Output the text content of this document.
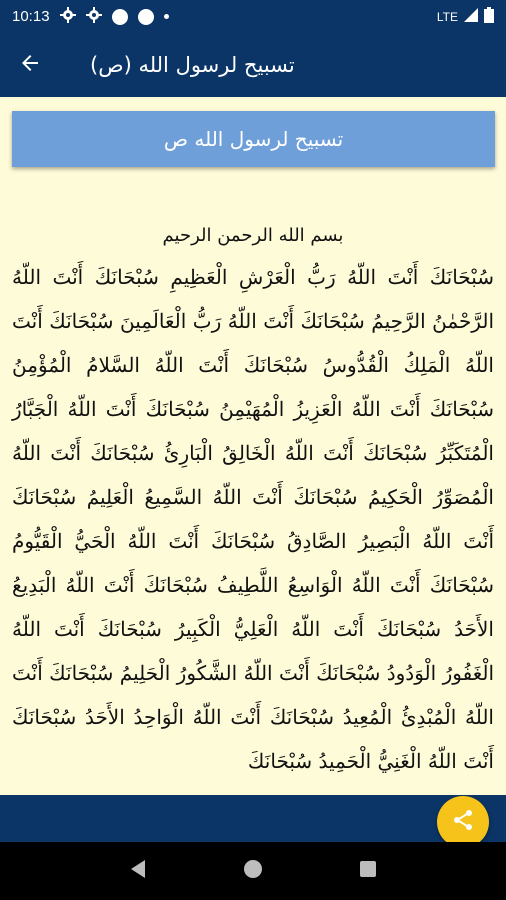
10:13	LTE
تسبيح لرسول الله (ص)
تسبيح لرسول الله ص
بسم الله الرحمن الرحيم
سُبْحَانَكَ أَنْتَ اللّهُ رَبُّ الْعَرْشِ الْعَظِيمِ سُبْحَانَكَ أَنْتَ اللّهُ الرَّحْمٰنُ الرَّحِيمُ سُبْحَانَكَ أَنْتَ اللّهُ رَبُّ الْعَالَمِينَ سُبْحَانَكَ أَنْتَ اللّهُ الْمَلِكُ الْقُدُّوسُ سُبْحَانَكَ أَنْتَ اللّهُ السَّلامُ الْمُؤْمِنُ سُبْحَانَكَ أَنْتَ اللّهُ الْعَزِيزُ الْمُهَيْمِنُ سُبْحَانَكَ أَنْتَ اللّهُ الْجَبَّارُ الْمُتَكَبِّرُ سُبْحَانَكَ أَنْتَ اللّهُ الْخَالِقُ الْبَارِئُ سُبْحَانَكَ أَنْتَ اللّهُ الْمُصَوِّرُ الْحَكِيمُ سُبْحَانَكَ أَنْتَ اللّهُ السَّمِيعُ الْعَلِيمُ سُبْحَانَكَ أَنْتَ اللّهُ الْبَصِيرُ الصَّادِقُ سُبْحَانَكَ أَنْتَ اللّهُ الْحَيُّ الْقَيُّومُ سُبْحَانَكَ أَنْتَ اللّهُ الْوَاسِعُ اللَّطِيفُ سُبْحَانَكَ أَنْتَ اللّهُ الْبَدِيعُ الأَحَدُ سُبْحَانَكَ أَنْتَ اللّهُ الْعَلِيُّ الْكَبِيرُ سُبْحَانَكَ أَنْتَ اللّهُ الْغَفُورُ الْوَدُودُ سُبْحَانَكَ أَنْتَ اللّهُ الشَّكُورُ الْحَلِيمُ سُبْحَانَكَ أَنْتَ اللّهُ الْمُبْدِئُ الْمُعِيدُ سُبْحَانَكَ أَنْتَ اللّهُ الْوَاحِدُ الأَحَدُ سُبْحَانَكَ أَنْتَ اللّهُ الْغَنِيُّ الْحَمِيدُ سُبْحَانَكَ
